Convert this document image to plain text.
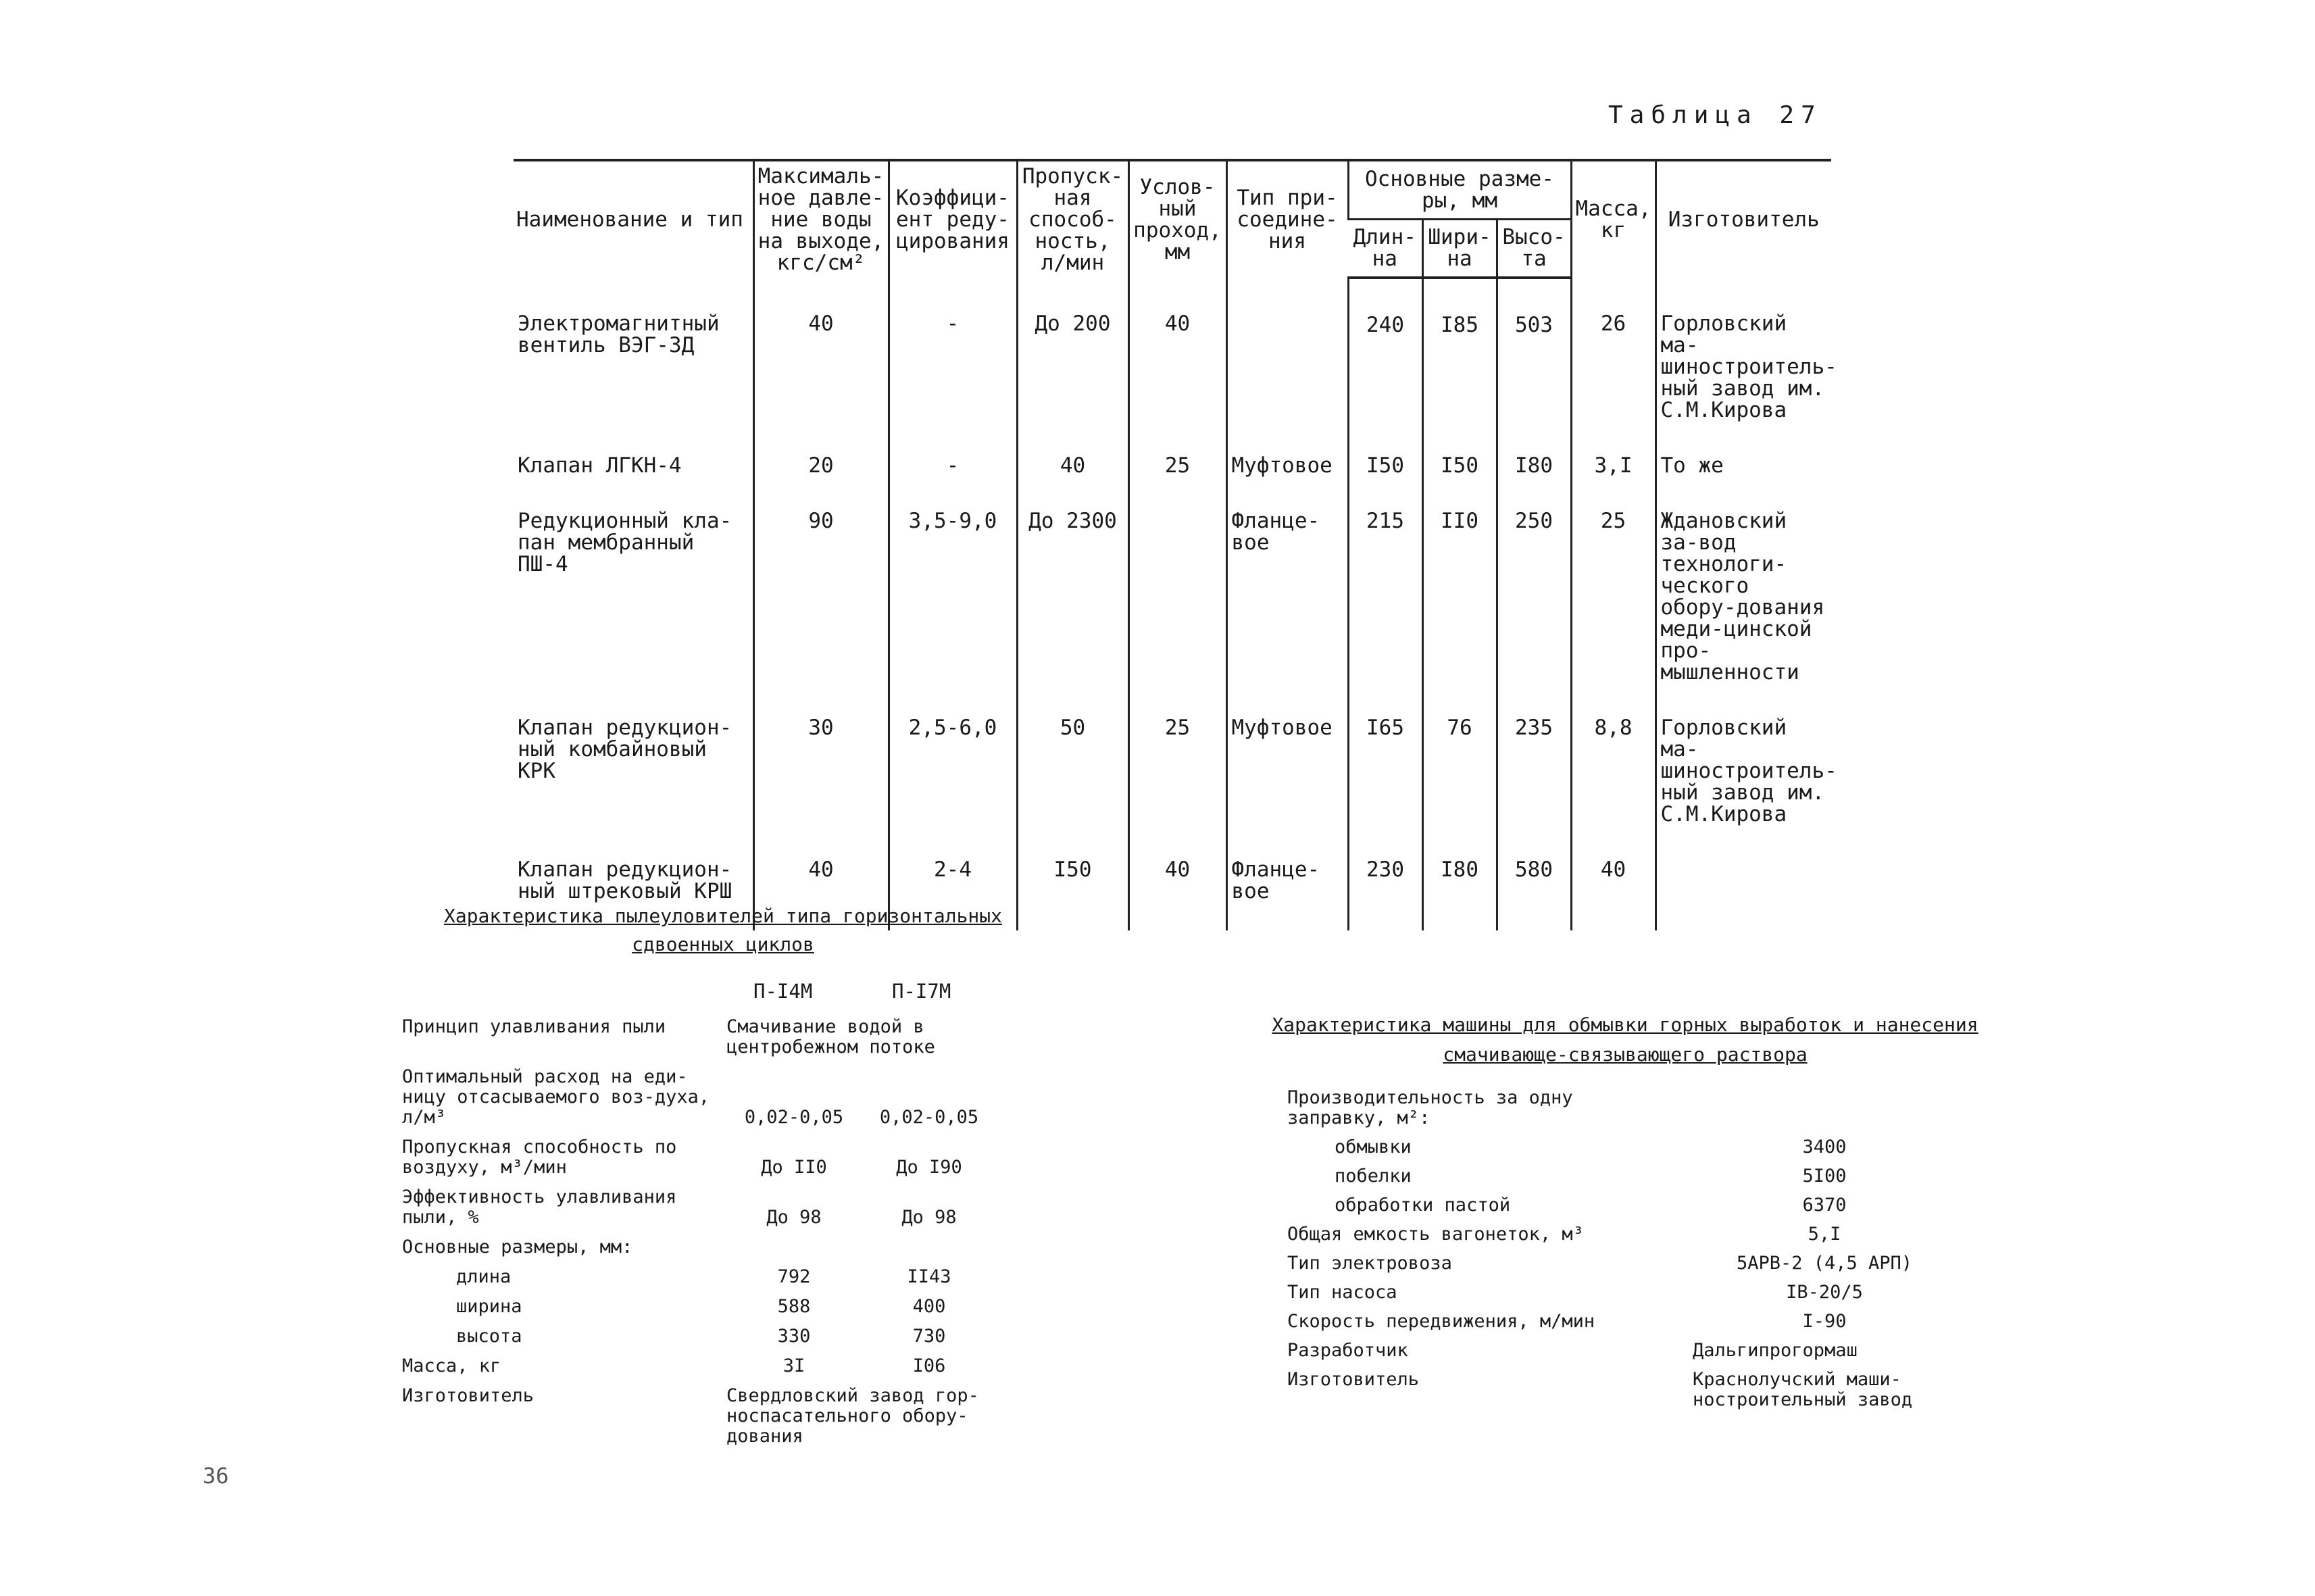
Таблица 27
Наименование и тип	Максималь-ное давле-ние воды на выходе, кгс/см²	Коэффици-ент реду-цирования	Пропуск-ная способ-ность, л/мин	Услов-ный проход, мм	Тип при-соедине-ния	Основные разме-ры, мм			Масса, кг	Изготовитель
						Длин-на	Шири-на	Высо-та		
Электромагнитный вентиль ВЭГ-3Д	40	-	До 200	40		240	I85	503	26	Горловский ма-шиностроитель-ный завод им. С.М.Кирова
Клапан ЛГКН-4	20	-	40	25	Муфтовое	I50	I50	I80	3,I	То же
Редукционный кла-пан мембранный ПШ-4	90	3,5-9,0	До 2300		Фланце-вое	215	II0	250	25	Ждановский за-вод технологи-ческого обору-дования меди-цинской про-мышленности
Клапан редукцион-ный комбайновый КРК	30	2,5-6,0	50	25	Муфтовое	I65	76	235	8,8	Горловский ма-шиностроитель-ный завод им. С.М.Кирова
Клапан редукцион-ный штрековый КРШ	40	2-4	I50	40	Фланце-вое	230	I80	580	40	
Характеристика пылеуловителей типа горизонтальных сдвоенных циклов
П-I4М	П-I7М
Принцип улавливания пыли	Смачивание водой в центробежном потоке
Оптимальный расход на еди-ницу отсасываемого воз-духа, л/м³	0,02-0,05	0,02-0,05
Пропускная способность по воздуху, м³/мин	До II0	До I90
Эффективность улавливания пыли, %	До 98	До 98
Основные размеры, мм:
длина	792	II43
ширина	588	400
высота	330	730
Масса, кг	3I	I06
Изготовитель	Свердловский завод гор-носпасательного обору-дования
Характеристика машины для обмывки горных выработок и нанесения смачивающе-связывающего раствора
Производительность за одну заправку, м²:
обмывки	3400
побелки	5I00
обработки пастой	6370
Общая емкость вагонеток, м³	5,I
Тип электровоза	5АРВ-2 (4,5 АРП)
Тип насоса	IВ-20/5
Скорость передвижения, м/мин	I-90
Разработчик	Дальгипрогормаш
Изготовитель	Краснолучский маши-ностроительный завод
36
